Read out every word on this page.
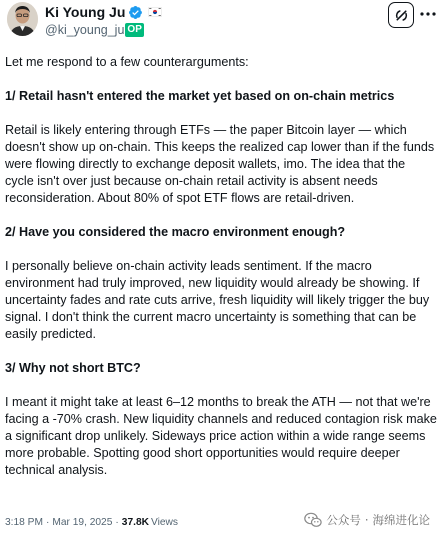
Ki Young Ju
@ki_young_ju OP

Let me respond to a few counterarguments:

1/ Retail hasn't entered the market yet based on on-chain metrics

Retail is likely entering through ETFs — the paper Bitcoin layer — which doesn't show up on-chain. This keeps the realized cap lower than if the funds were flowing directly to exchange deposit wallets, imo. The idea that the cycle isn't over just because on-chain retail activity is absent needs reconsideration. About 80% of spot ETF flows are retail-driven.

2/ Have you considered the macro environment enough?

I personally believe on-chain activity leads sentiment. If the macro environment had truly improved, new liquidity would already be showing. If uncertainty fades and rate cuts arrive, fresh liquidity will likely trigger the buy signal. I don't think the current macro uncertainty is something that can be easily predicted.

3/ Why not short BTC?

I meant it might take at least 6–12 months to break the ATH — not that we're facing a -70% crash. New liquidity channels and reduced contagion risk make a significant drop unlikely. Sideways price action within a wide range seems more probable. Spotting good short opportunities would require deeper technical analysis.

3:18 PM · Mar 19, 2025 · 37.8K Views	公众号 · 海绵进化论
